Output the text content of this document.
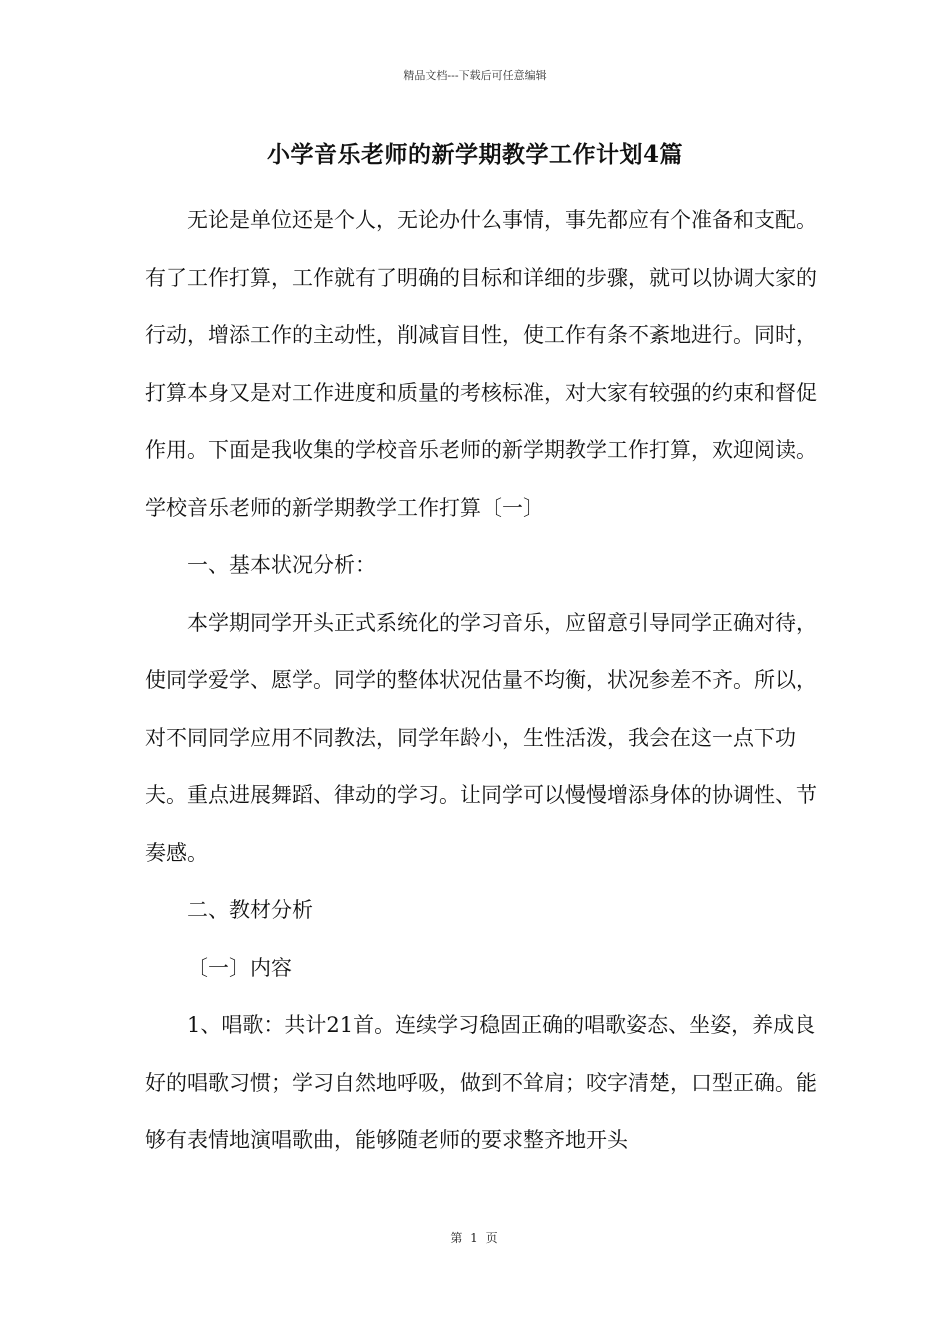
精品文档---下载后可任意编辑
小学音乐老师的新学期教学工作计划4篇

无论是单位还是个人，无论办什么事情，事先都应有个准备和支配。有了工作打算，工作就有了明确的目标和详细的步骤，就可以协调大家的行动，增添工作的主动性，削减盲目性，使工作有条不紊地进行。同时，打算本身又是对工作进度和质量的考核标准，对大家有较强的约束和督促作用。下面是我收集的学校音乐老师的新学期教学工作打算，欢迎阅读。

学校音乐老师的新学期教学工作打算〔一〕

一、基本状况分析：

本学期同学开头正式系统化的学习音乐，应留意引导同学正确对待，使同学爱学、愿学。同学的整体状况估量不均衡，状况参差不齐。所以，对不同同学应用不同教法，同学年龄小，生性活泼，我会在这一点下功夫。重点进展舞蹈、律动的学习。让同学可以慢慢增添身体的协调性、节奏感。

二、教材分析

〔一〕内容

1、唱歌：共计21首。连续学习稳固正确的唱歌姿态、坐姿，养成良好的唱歌习惯；学习自然地呼吸，做到不耸肩；咬字清楚，口型正确。能够有表情地演唱歌曲，能够随老师的要求整齐地开头

第 1 页
